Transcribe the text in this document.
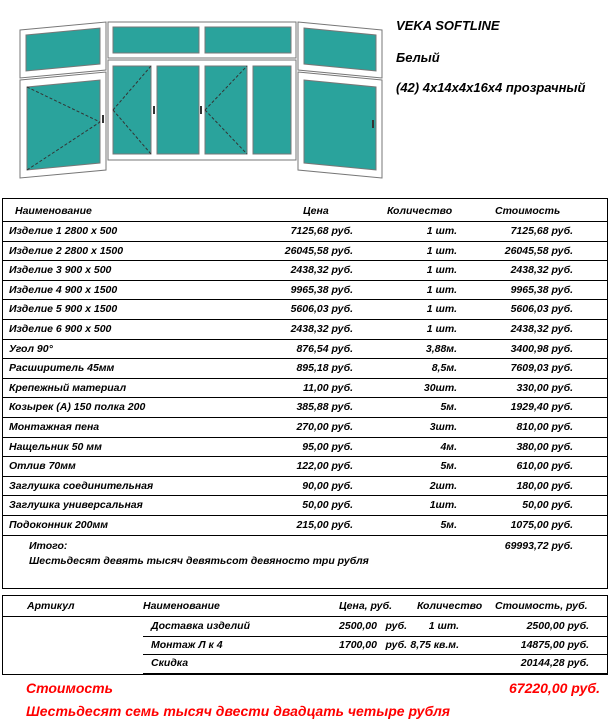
VEKA SOFTLINE
Белый
(42) 4x14x4x16x4 прозрачный
Наименование	Цена	Количество	Стоимость
Изделие 1 2800 x 500	7125,68 руб.	1 шт.	7125,68 руб.
Изделие 2 2800 x 1500	26045,58 руб.	1 шт.	26045,58 руб.
Изделие 3 900 x 500	2438,32 руб.	1 шт.	2438,32 руб.
Изделие 4 900 x 1500	9965,38 руб.	1 шт.	9965,38 руб.
Изделие 5 900 x 1500	5606,03 руб.	1 шт.	5606,03 руб.
Изделие 6 900 x 500	2438,32 руб.	1 шт.	2438,32 руб.
Угол 90°	876,54 руб.	3,88м.	3400,98 руб.
Расширитель 45мм	895,18 руб.	8,5м.	7609,03 руб.
Крепежный материал	11,00 руб.	30шт.	330,00 руб.
Козырек (А) 150 полка 200	385,88 руб.	5м.	1929,40 руб.
Монтажная пена	270,00 руб.	3шт.	810,00 руб.
Нащельник 50 мм	95,00 руб.	4м.	380,00 руб.
Отлив 70мм	122,00 руб.	5м.	610,00 руб.
Заглушка соединительная	90,00 руб.	2шт.	180,00 руб.
Заглушка универсальная	50,00 руб.	1шт.	50,00 руб.
Подоконник 200мм	215,00 руб.	5м.	1075,00 руб.
Итого:	69993,72 руб.
Шестьдесят девять тысяч девятьсот девяносто три рубля
Артикул	Наименование	Цена, руб. Количество Стоимость, руб.
Доставка изделий	2500,00 руб. 1 шт.	2500,00 руб.
Монтаж Л к 4	1700,00 руб. 8,75 кв.м.	14875,00 руб.
Скидка	20144,28 руб.
Стоимость	67220,00 руб.
Шестьдесят семь тысяч двести двадцать четыре рубля
